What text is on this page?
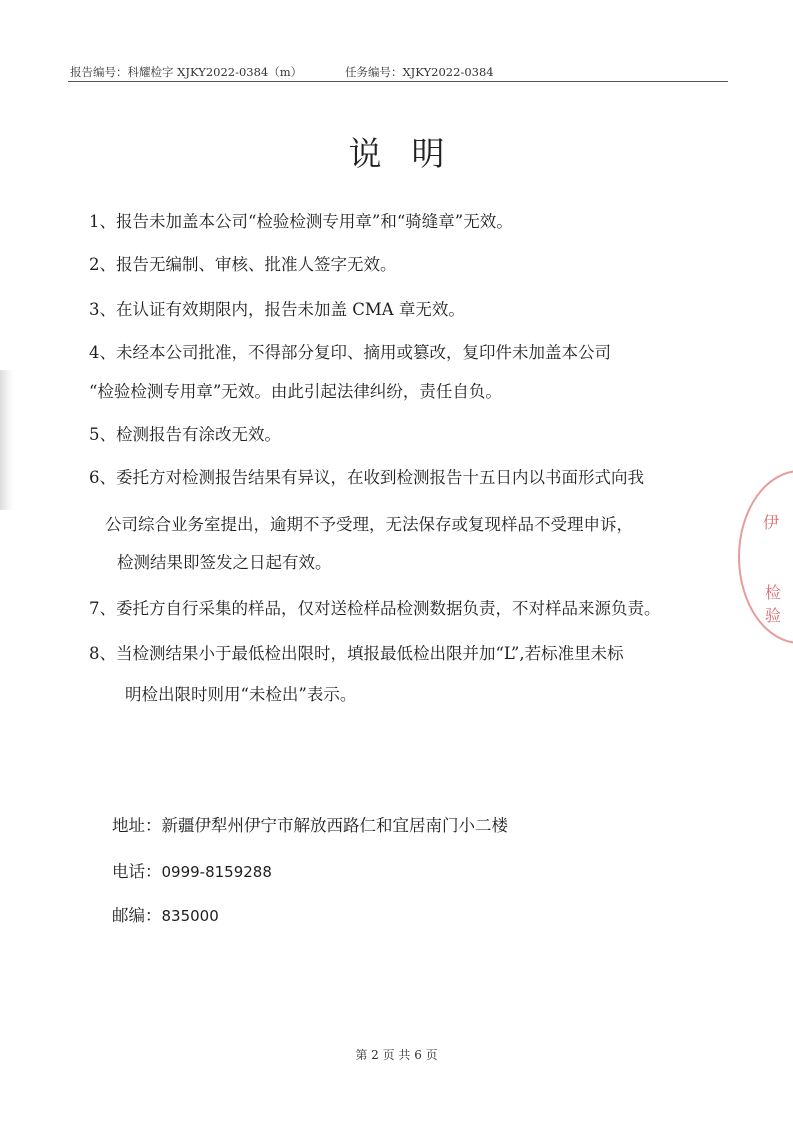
报告编号：科耀检字 XJKY2022-0384（m）	任务编号：XJKY2022-0384
说明
1、报告未加盖本公司“检验检测专用章”和“骑缝章”无效。
2、报告无编制、审核、批准人签字无效。
3、在认证有效期限内，报告未加盖 CMA 章无效。
4、未经本公司批准，不得部分复印、摘用或篡改，复印件未加盖本公司
“检验检测专用章”无效。由此引起法律纠纷，责任自负。
5、检测报告有涂改无效。
6、委托方对检测报告结果有异议，在收到检测报告十五日内以书面形式向我
公司综合业务室提出，逾期不予受理，无法保存或复现样品不受理申诉，
检测结果即签发之日起有效。
7、委托方自行采集的样品，仅对送检样品检测数据负责，不对样品来源负责。
8、当检测结果小于最低检出限时，填报最低检出限并加“L”,若标准里未标
明检出限时则用“未检出”表示。
地址：新疆伊犁州伊宁市解放西路仁和宜居南门小二楼
电话：0999-8159288
邮编：835000
伊
检验
第 2 页 共 6 页
